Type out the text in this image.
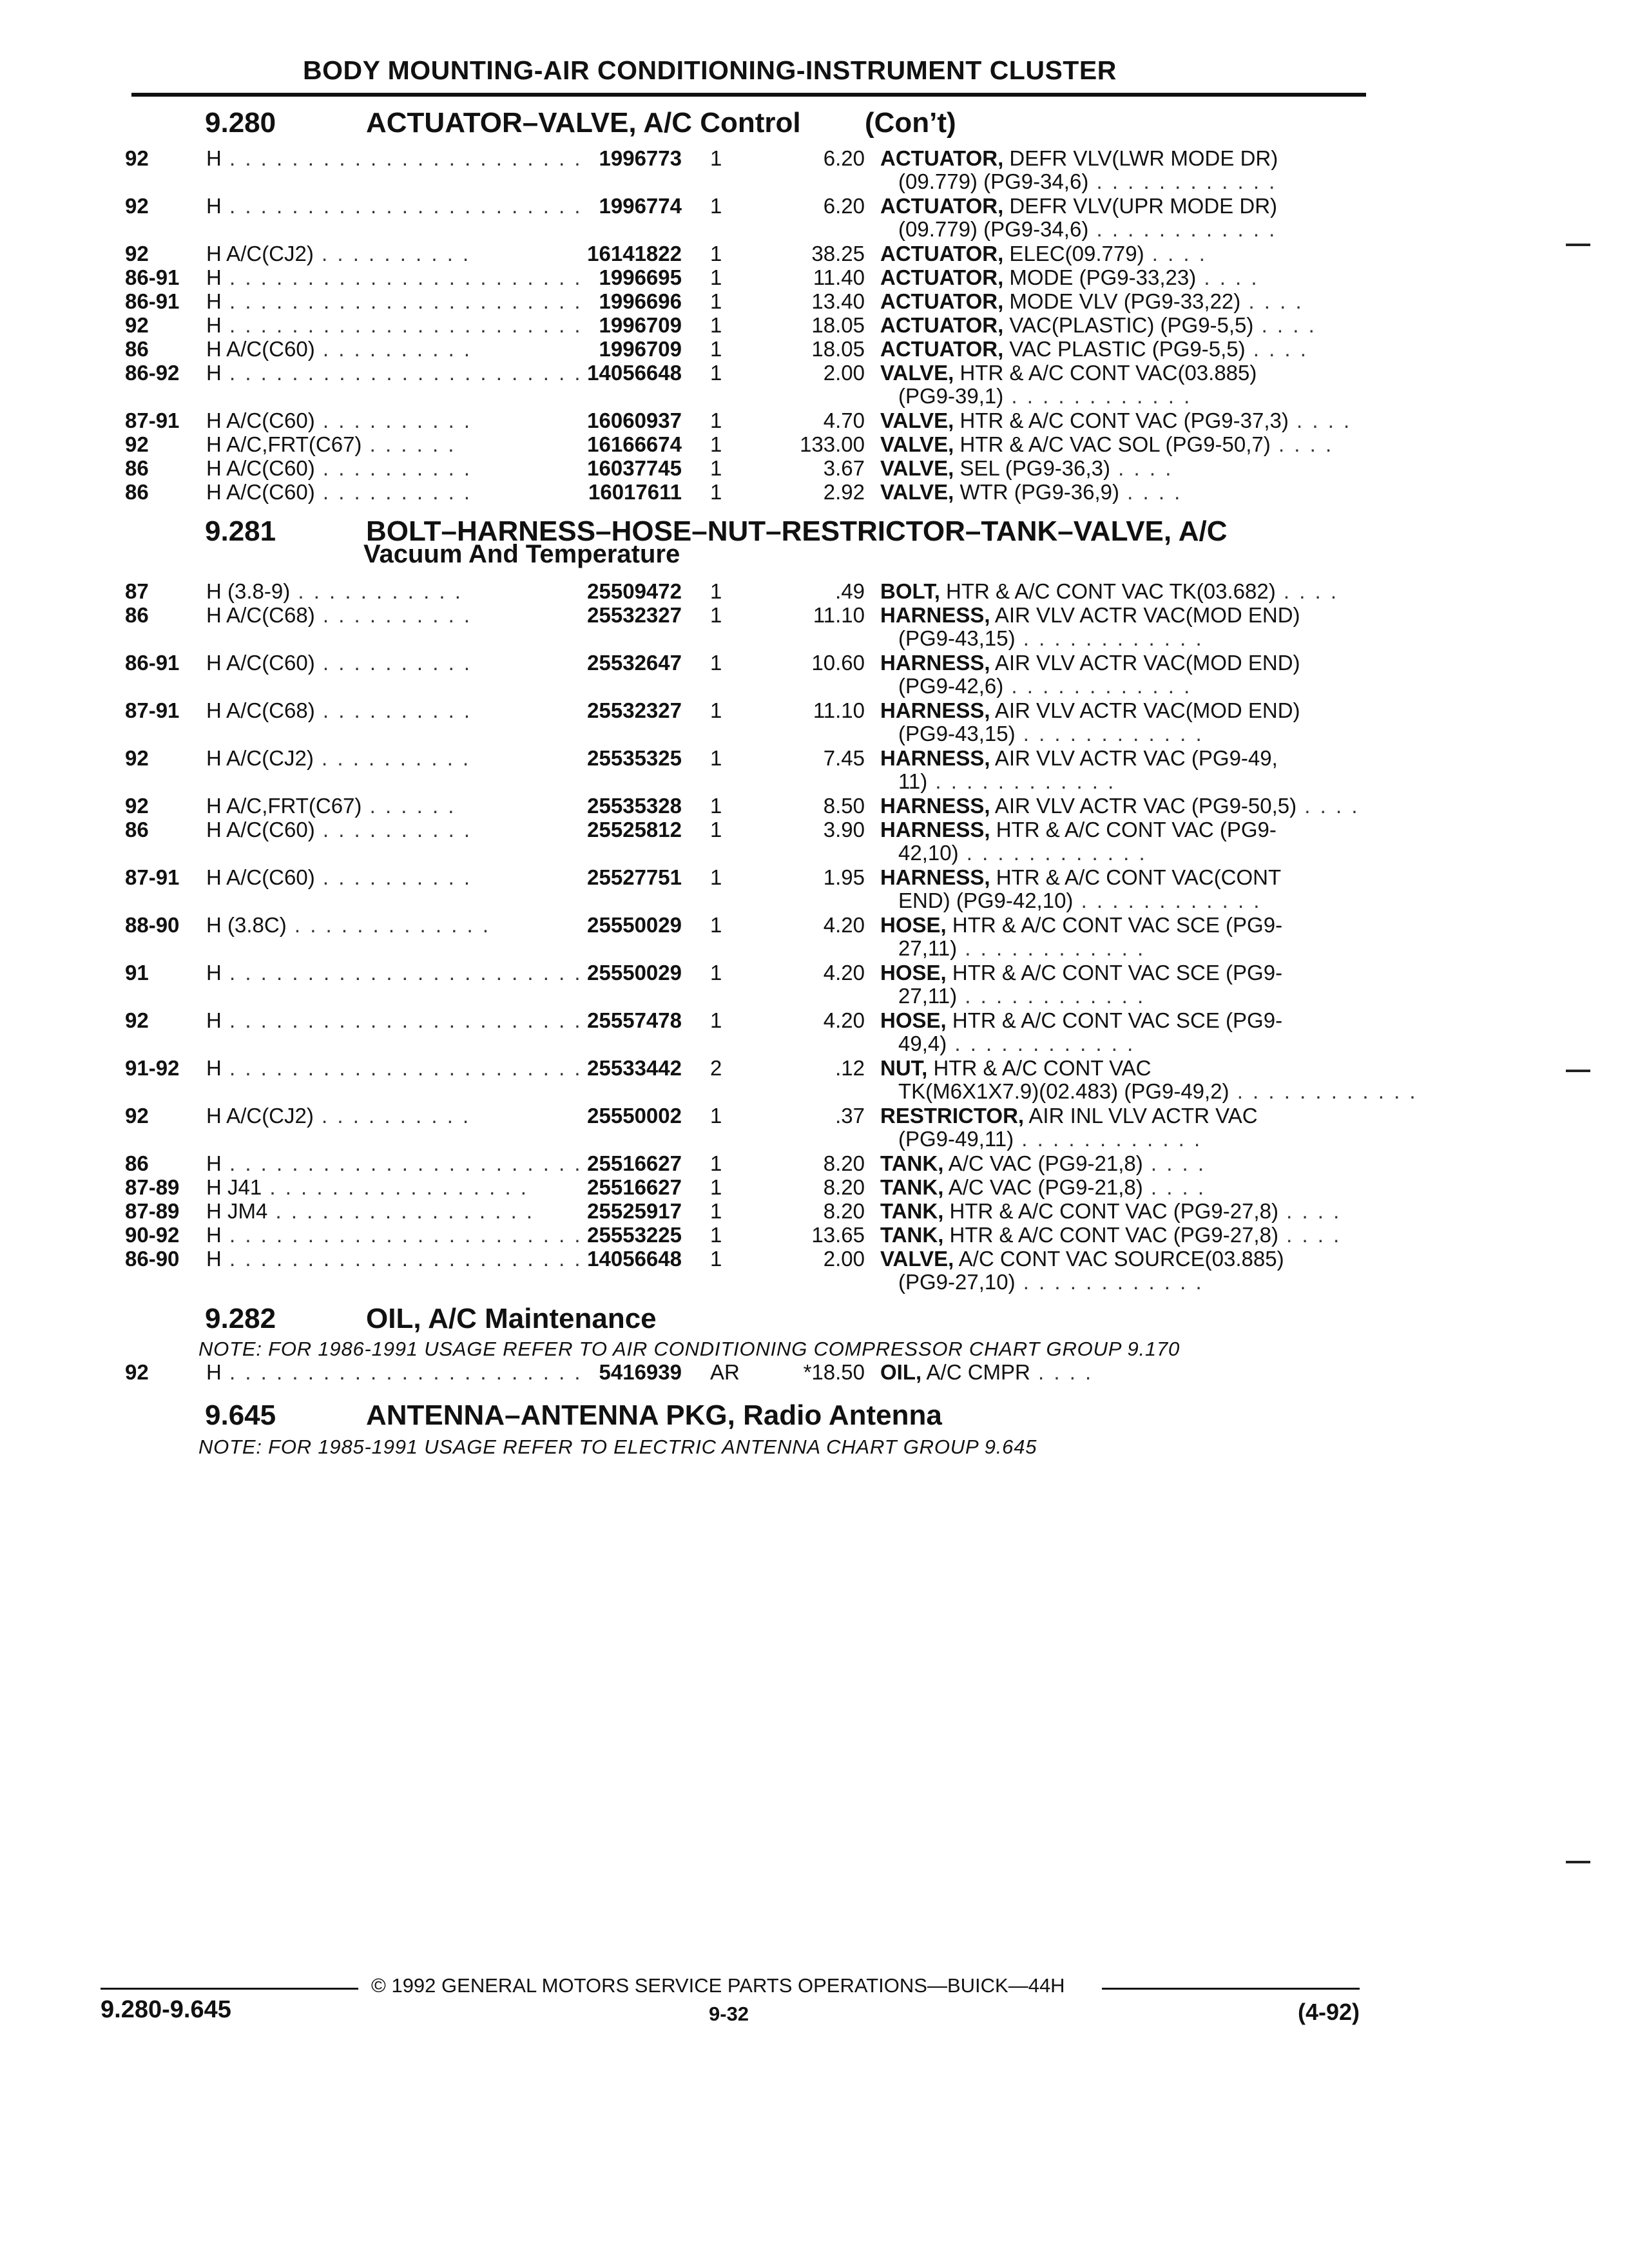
BODY MOUNTING-AIR CONDITIONING-INSTRUMENT CLUSTER
9.280	ACTUATOR–VALVE, A/C Control (Con’t)
92	H . . . . . . . . . . . . . . . . . . . . . . . 1996773 1	6.20 ACTUATOR, DEFR VLV(LWR MODE DR)
(09.779) (PG9-34,6) . . . . . . . . . . . .
92	H . . . . . . . . . . . . . . . . . . . . . . . 1996774 1	6.20 ACTUATOR, DEFR VLV(UPR MODE DR)
(09.779) (PG9-34,6) . . . . . . . . . . . .
92	H A/C(CJ2) . . . . . . . . . .	16141822 1	38.25 ACTUATOR, ELEC(09.779) . . . .
86-91 H . . . . . . . . . . . . . . . . . . . . . . . 1996695 1	11.40 ACTUATOR, MODE (PG9-33,23) . . . .
86-91 H . . . . . . . . . . . . . . . . . . . . . . . 1996696 1	13.40 ACTUATOR, MODE VLV (PG9-33,22) . . . .
92	H . . . . . . . . . . . . . . . . . . . . . . . 1996709 1	18.05 ACTUATOR, VAC(PLASTIC) (PG9-5,5) . . . .
86	H A/C(C60) . . . . . . . . . .	1996709 1	18.05 ACTUATOR, VAC PLASTIC (PG9-5,5) . . . .
86-92 H . . . . . . . . . . . . . . . . . . . . . . . 14056648 1	2.00 VALVE, HTR & A/C CONT VAC(03.885)
(PG9-39,1) . . . . . . . . . . . .
87-91 H A/C(C60) . . . . . . . . . .	16060937 1	4.70 VALVE, HTR & A/C CONT VAC (PG9-37,3) . . . .
92	H A/C,FRT(C67) . . . . . .	16166674 1	133.00 VALVE, HTR & A/C VAC SOL (PG9-50,7) . . . .
86	H A/C(C60) . . . . . . . . . .	16037745 1	3.67 VALVE, SEL (PG9-36,3) . . . .
86	H A/C(C60) . . . . . . . . . .	16017611 1	2.92 VALVE, WTR (PG9-36,9) . . . .
9.281	BOLT–HARNESS–HOSE–NUT–RESTRICTOR–TANK–VALVE, A/C
Vacuum And Temperature
87	H (3.8-9) . . . . . . . . . . .	25509472 1	.49 BOLT, HTR & A/C CONT VAC TK(03.682) . . . .
86	H A/C(C68) . . . . . . . . . .	25532327 1	11.10 HARNESS, AIR VLV ACTR VAC(MOD END)
(PG9-43,15) . . . . . . . . . . . .
86-91 H A/C(C60) . . . . . . . . . .	25532647 1	10.60 HARNESS, AIR VLV ACTR VAC(MOD END)
(PG9-42,6) . . . . . . . . . . . .
87-91 H A/C(C68) . . . . . . . . . .	25532327 1	11.10 HARNESS, AIR VLV ACTR VAC(MOD END)
(PG9-43,15) . . . . . . . . . . . .
92	H A/C(CJ2) . . . . . . . . . .	25535325 1	7.45 HARNESS, AIR VLV ACTR VAC (PG9-49,
11) . . . . . . . . . . . .
92	H A/C,FRT(C67) . . . . . .	25535328 1	8.50 HARNESS, AIR VLV ACTR VAC (PG9-50,5) . . . .
86	H A/C(C60) . . . . . . . . . .	25525812 1	3.90 HARNESS, HTR & A/C CONT VAC (PG9-
42,10) . . . . . . . . . . . .
87-91 H A/C(C60) . . . . . . . . . .	25527751 1	1.95 HARNESS, HTR & A/C CONT VAC(CONT
END) (PG9-42,10) . . . . . . . . . . . .
88-90 H (3.8C) . . . . . . . . . . . . .	25550029 1	4.20 HOSE, HTR & A/C CONT VAC SCE (PG9-
27,11) . . . . . . . . . . . .
91	H . . . . . . . . . . . . . . . . . . . . . . . 25550029 1	4.20 HOSE, HTR & A/C CONT VAC SCE (PG9-
27,11) . . . . . . . . . . . .
92	H . . . . . . . . . . . . . . . . . . . . . . . 25557478 1	4.20 HOSE, HTR & A/C CONT VAC SCE (PG9-
49,4) . . . . . . . . . . . .
91-92 H . . . . . . . . . . . . . . . . . . . . . . . 25533442 2	.12 NUT, HTR & A/C CONT VAC
TK(M6X1X7.9)(02.483) (PG9-49,2) . . . . . . . . . . . .
92	H A/C(CJ2) . . . . . . . . . .	25550002 1	.37 RESTRICTOR, AIR INL VLV ACTR VAC
(PG9-49,11) . . . . . . . . . . . .
86	H . . . . . . . . . . . . . . . . . . . . . . . 25516627 1	8.20 TANK, A/C VAC (PG9-21,8) . . . .
87-89 H J41 . . . . . . . . . . . . . . . . .	25516627 1	8.20 TANK, A/C VAC (PG9-21,8) . . . .
87-89 H JM4 . . . . . . . . . . . . . . . . . 25525917 1	8.20 TANK, HTR & A/C CONT VAC (PG9-27,8) . . . .
90-92 H . . . . . . . . . . . . . . . . . . . . . . . 25553225 1	13.65 TANK, HTR & A/C CONT VAC (PG9-27,8) . . . .
86-90 H . . . . . . . . . . . . . . . . . . . . . . . 14056648 1	2.00 VALVE, A/C CONT VAC SOURCE(03.885)
(PG9-27,10) . . . . . . . . . . . .
9.282	OIL, A/C Maintenance
NOTE: FOR 1986-1991 USAGE REFER TO AIR CONDITIONING COMPRESSOR CHART GROUP 9.170
92	H . . . . . . . . . . . . . . . . . . . . . . . 5416939 AR	*18.50 OIL, A/C CMPR . . . .
9.645	ANTENNA–ANTENNA PKG, Radio Antenna
NOTE: FOR 1985-1991 USAGE REFER TO ELECTRIC ANTENNA CHART GROUP 9.645
© 1992 GENERAL MOTORS SERVICE PARTS OPERATIONS—BUICK—44H
9.280-9.645	9-32	(4-92)
